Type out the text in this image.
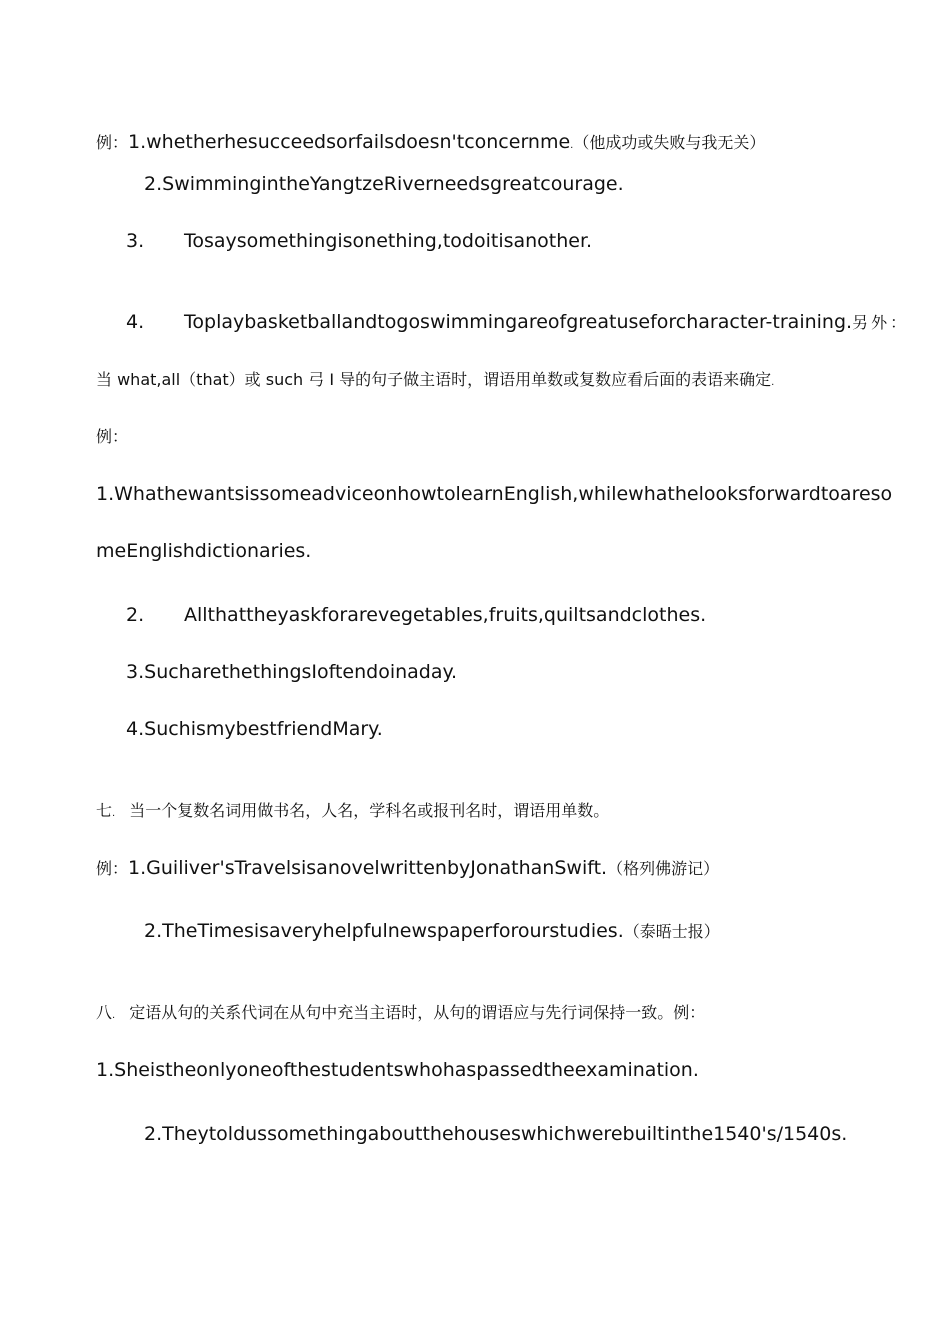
例：1.whetherhesucceedsorfailsdoesn'tconcernme.（他成功或失败与我无关）
2.SwimmingintheYangtzeRiverneedsgreatcourage.
3. Tosaysomethingisonething,todoitisanother.
4. Toplaybasketballandtogoswimmingareofgreatuseforcharacter-training.另外：
当 what,all（that）或 such 弓 I 导的句子做主语时，谓语用单数或复数应看后面的表语来确定.
例：
1.WhathewantsissomeadviceonhowtolearnEnglish,whilewhathelooksforwardtoareso
meEnglishdictionaries.
2. Allthattheyaskforarevegetables,fruits,quiltsandclothes.
3.SucharethethingsIoftendoinaday.
4.SuchismybestfriendMary.
七. 当一个复数名词用做书名，人名，学科名或报刊名时，谓语用单数。
例：1.Guiliver'sTravelsisanovelwrittenbyJonathanSwift.（格列佛游记）
2.TheTimesisaveryhelpfulnewspaperforourstudies.（泰晤士报）
八. 定语从句的关系代词在从句中充当主语时，从句的谓语应与先行词保持一致。例：
1.Sheistheonlyoneofthestudentswhohaspassedtheexamination.
2.Theytoldussomethingaboutthehouseswhichwerebuiltinthe1540's/1540s.
